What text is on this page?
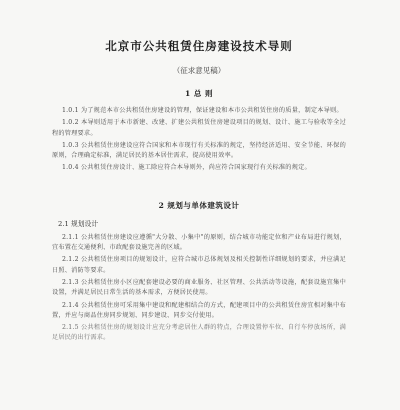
北京市公共租赁住房建设技术导则
（征求意见稿）
1 总 则

1.0.1 为了规范本市公共租赁住房建设的管理，保证建设和本市公共租赁住房的质量，制定本导则。

1.0.2 本导则适用于本市新建、改建、扩建公共租赁住房建设项目的规划、设计、施工与验收等全过程的管理要求。

1.0.3 公共租赁住房建设应符合国家和本市现行有关标准的规定，坚持经济适用、安全节能、环保的原则，合理确定标准，满足居民的基本居住需求，提高使用效率。

1.0.4 公共租赁住房设计、施工除应符合本导则外，尚应符合国家现行有关标准的规定。

2 规划与单体建筑设计
2.1 规划设计

2.1.1 公共租赁住房建设应遵循"大分散、小集中"的原则，结合城市功能定位和产业布局进行规划，宜布置在交通便利、市政配套设施完善的区域。

2.1.2 公共租赁住房项目的规划设计，应符合城市总体规划及相关控制性详细规划的要求，并应满足日照、消防等要求。

2.1.3 公共租赁住房小区应配套建设必要的商业服务、社区管理、公共活动等设施，配套设施宜集中设置，并满足居民日常生活的基本需求，方便居民使用。

2.1.4 公共租赁住房可采用集中建设和配建相结合的方式，配建项目中的公共租赁住房宜相对集中布置，并应与商品住房同步规划、同步建设、同步交付使用。

2.1.5 公共租赁住房的规划设计应充分考虑居住人群的特点，合理设置停车位、自行车停放场所，满足居民的出行需求。
